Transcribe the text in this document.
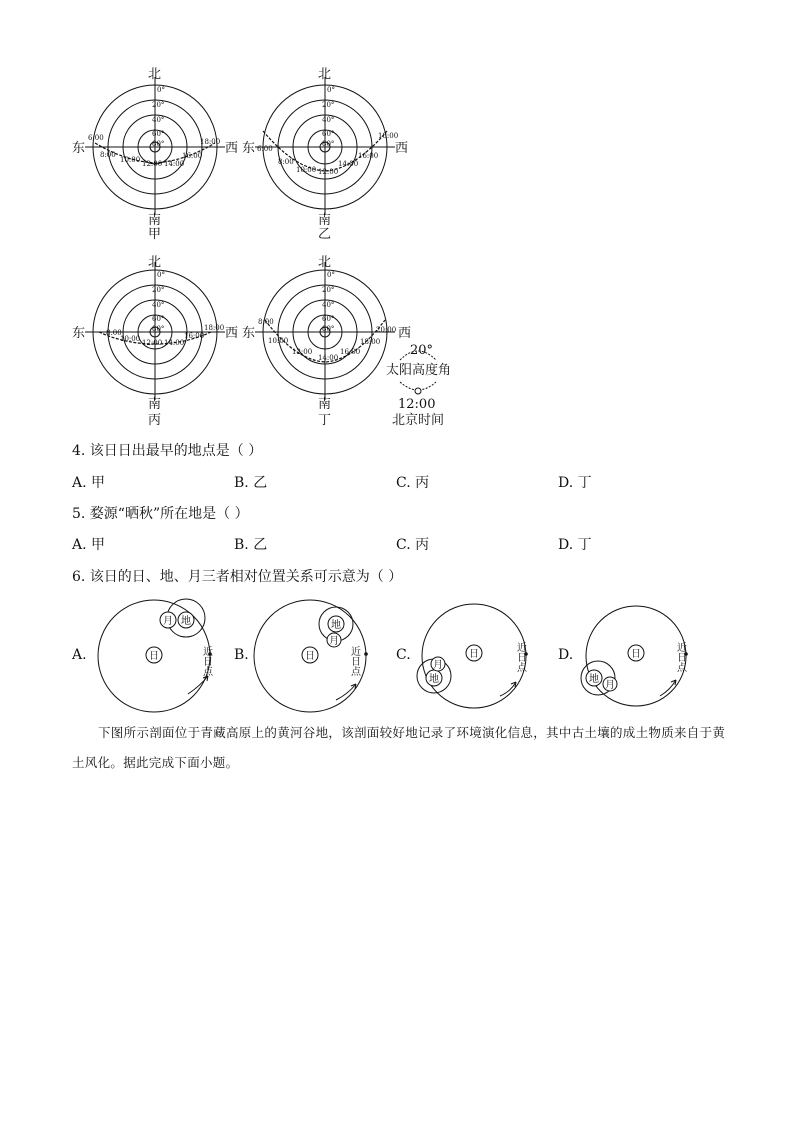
北
南
甲
东	西
0°
20°
40°
60°
80°
6:00
8:00
10:00 12:00 14:00
16:00
18:00
北
南
乙
东	西
0°
20°
40°
60°
80°
6:00
8:00
10:00 12:00
14:00
16:00
18:00
北
南
丙
东	西
0°
20°
40°
60°
80°
8:00
10:00 12:00 14:00
16:00
18:00
北
南
丁
东	西
0°
20°
40°
60°
80°
8:00
10:00
12:00
14:00
16:00
18:00
20:00
20°
太阳高度角
12:00
北京时间
4. 该日日出最早的地点是（ ）
A. 甲	B. 乙	C. 丙	D. 丁
5. 婺源“晒秋”所在地是（ ）
A. 甲	B. 乙	C. 丙	D. 丁
6. 该日的日、地、月三者相对位置关系可示意为（ ）
A.	日
地
月
近日点 B.	日
地
月
近日点	C.	日
地
月	近日点 D.	日
地
月
近日点
下图所示剖面位于青藏高原上的黄河谷地，该剖面较好地记录了环境演化信息，其中古土壤的成土物质来自于黄土风化。据此完成下面小题。
